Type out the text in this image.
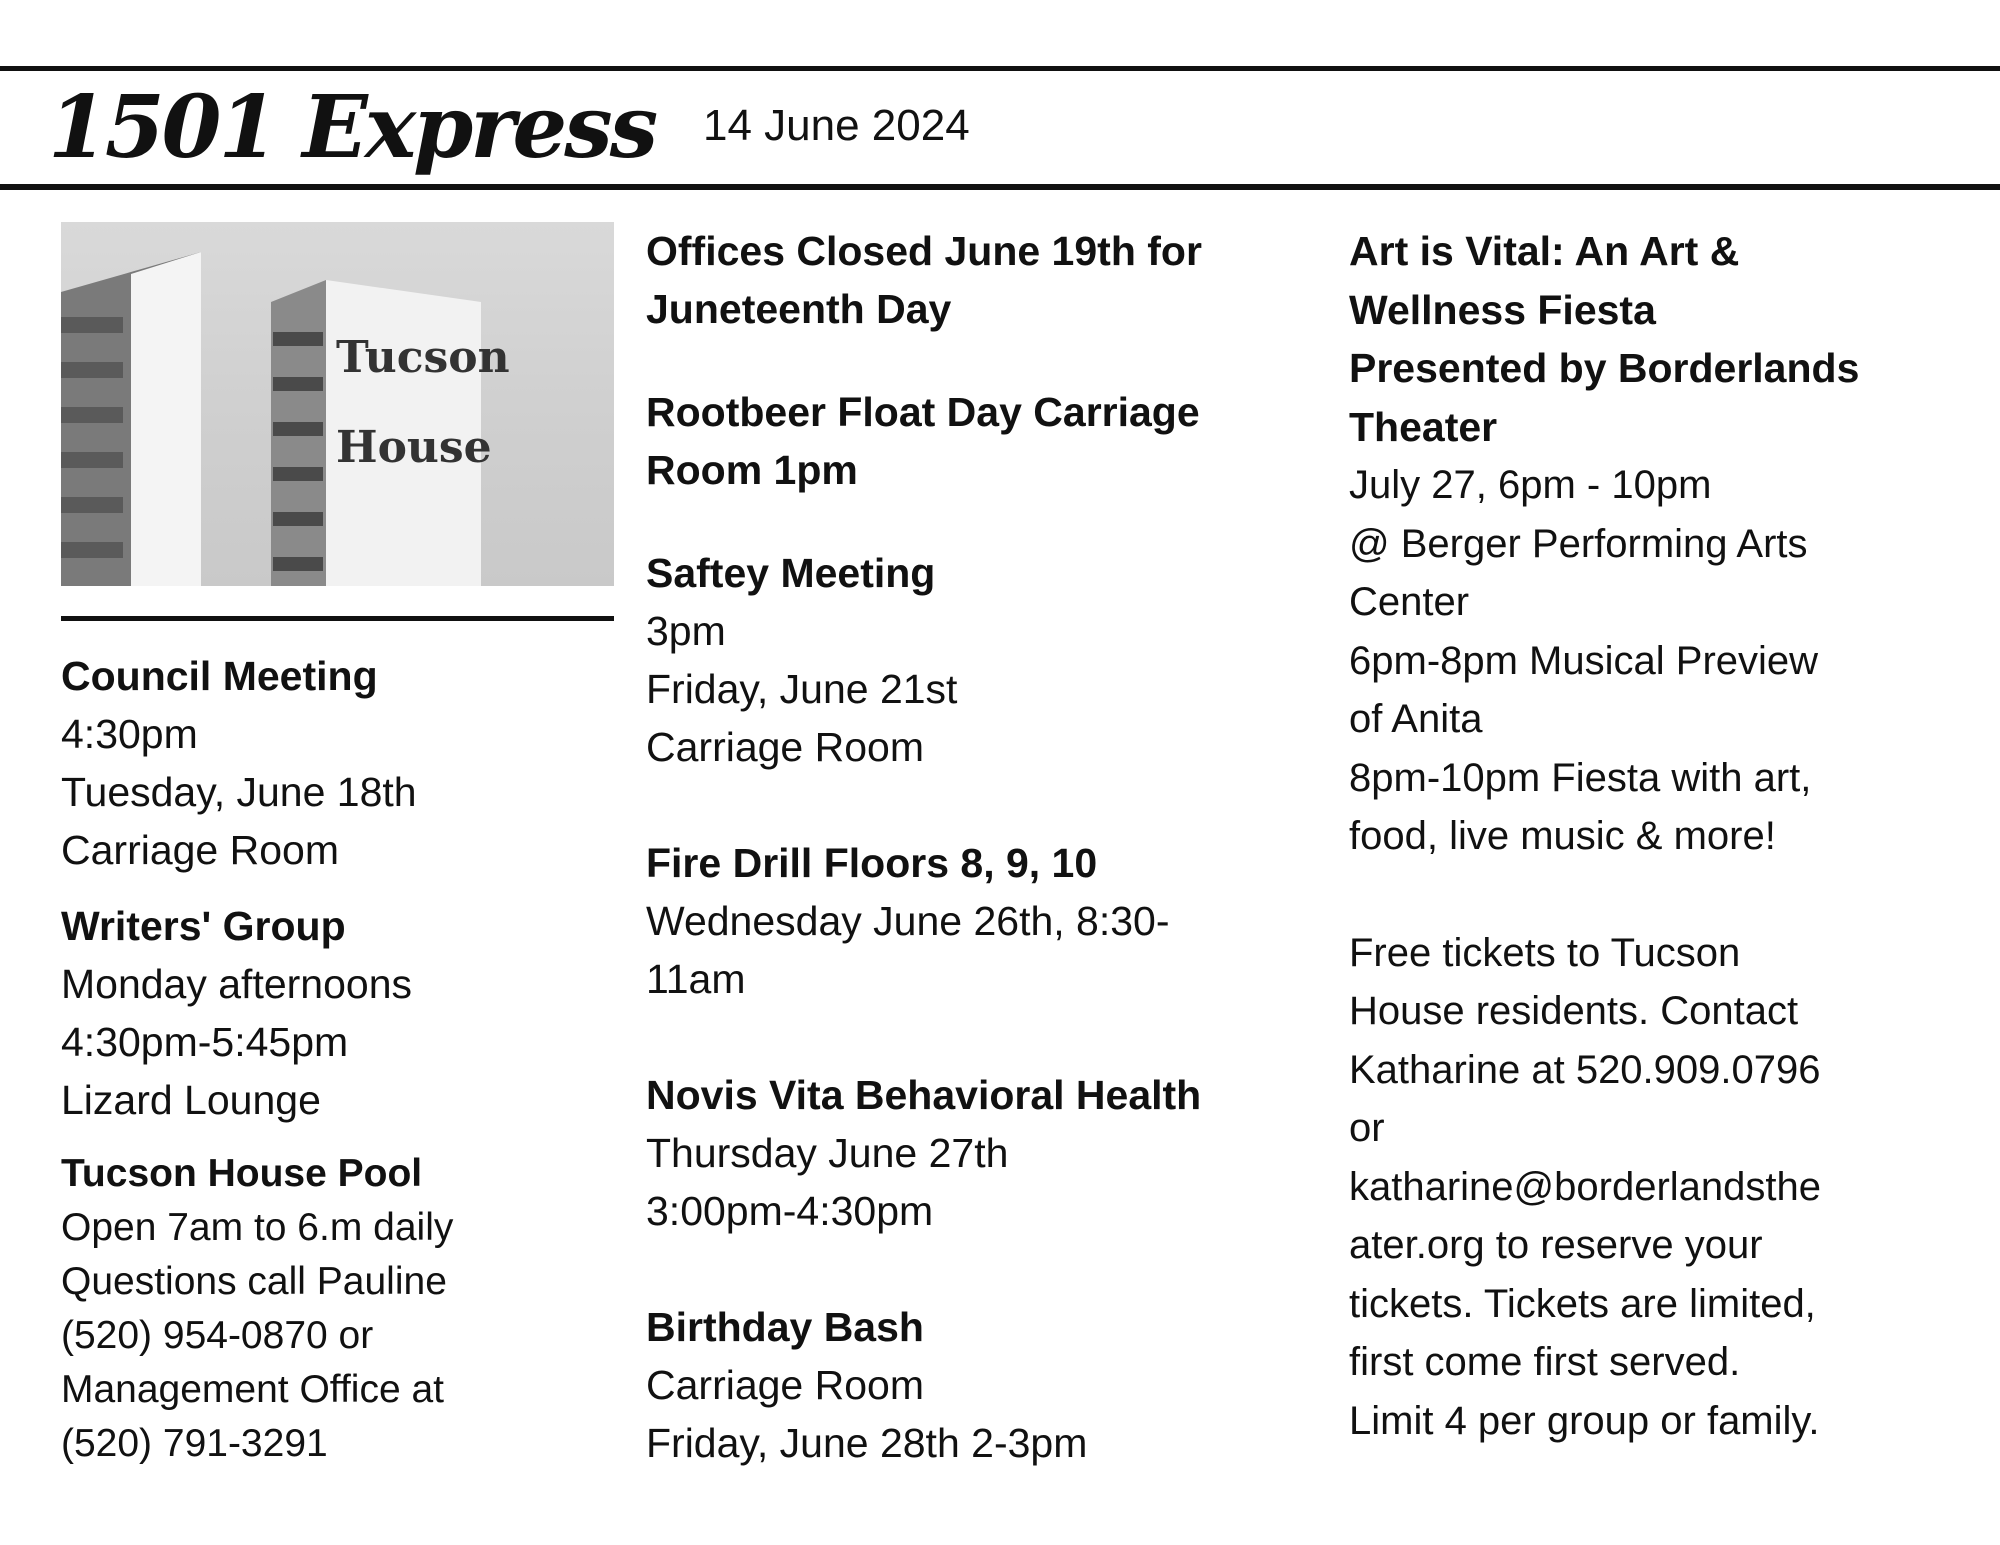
1501 Express 14 June 2024
Tucson
House
Council Meeting
4:30pm
Tuesday, June 18th
Carriage Room
Writers' Group
Monday afternoons
4:30pm-5:45pm
Lizard Lounge
Tucson House Pool
Open 7am to 6.m daily
Questions call Pauline
(520) 954-0870 or
Management Office at
(520) 791-3291
Offices Closed June 19th for
Juneteenth Day
Rootbeer Float Day Carriage
Room 1pm
Saftey Meeting
3pm
Friday, June 21st
Carriage Room
Fire Drill Floors 8, 9, 10
Wednesday June 26th, 8:30-
11am
Novis Vita Behavioral Health
Thursday June 27th
3:00pm-4:30pm
Birthday Bash
Carriage Room
Friday, June 28th 2-3pm
Art is Vital: An Art &
Wellness Fiesta
Presented by Borderlands
Theater
July 27, 6pm - 10pm
@ Berger Performing Arts
Center
6pm-8pm Musical Preview
of Anita
8pm-10pm Fiesta with art,
food, live music & more!
Free tickets to Tucson
House residents. Contact
Katharine at 520.909.0796
or
katharine@borderlandsthe
ater.org to reserve your
tickets. Tickets are limited,
first come first served.
Limit 4 per group or family.
